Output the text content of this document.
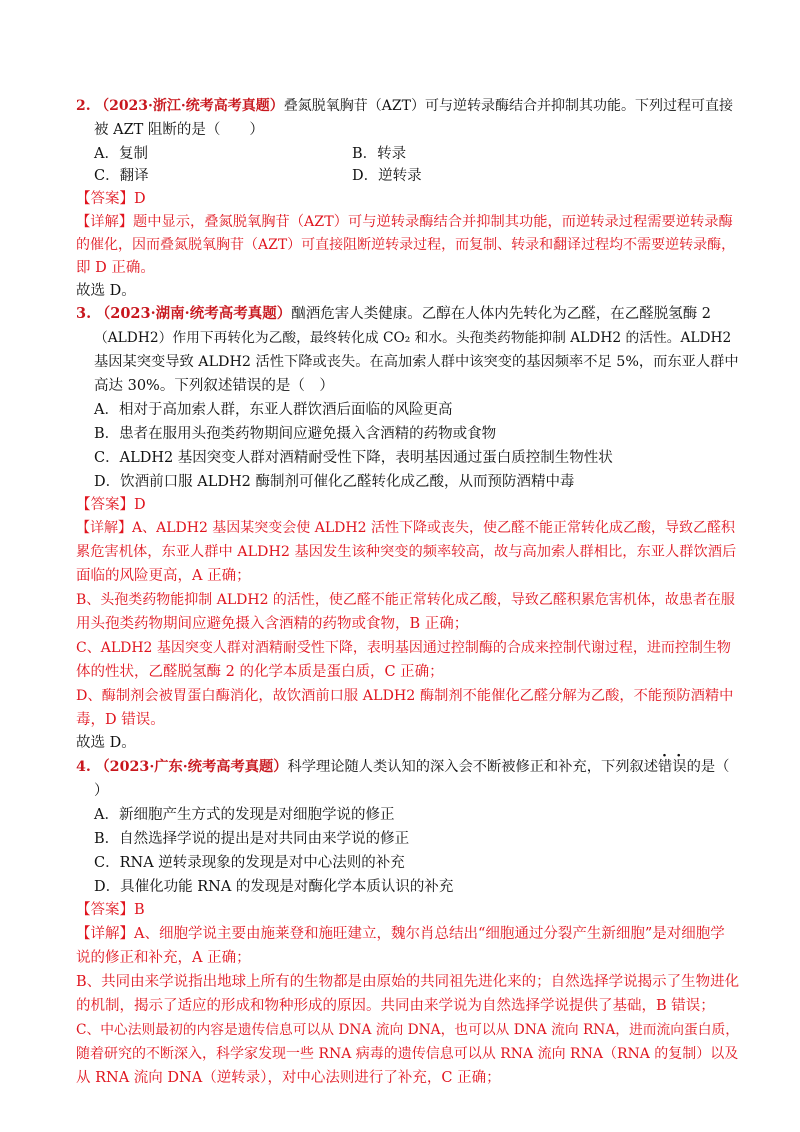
2. （2023·浙江·统考高考真题）叠氮脱氧胸苷（AZT）可与逆转录酶结合并抑制其功能。下列过程可直接
被 AZT 阻断的是（　　）
A．复制	B．转录
C．翻译	D．逆转录
【答案】D
【详解】题中显示，叠氮脱氧胸苷（AZT）可与逆转录酶结合并抑制其功能，而逆转录过程需要逆转录酶
的催化，因而叠氮脱氧胸苷（AZT）可直接阻断逆转录过程，而复制、转录和翻译过程均不需要逆转录酶，
即 D 正确。
故选 D。
3. （2023·湖南·统考高考真题）酗酒危害人类健康。乙醇在人体内先转化为乙醛，在乙醛脱氢酶 2
（ALDH2）作用下再转化为乙酸，最终转化成 CO₂ 和水。头孢类药物能抑制 ALDH2 的活性。ALDH2
基因某突变导致 ALDH2 活性下降或丧失。在高加索人群中该突变的基因频率不足 5%，而东亚人群中
高达 30%。下列叙述错误的是（　）
A．相对于高加索人群，东亚人群饮酒后面临的风险更高
B．患者在服用头孢类药物期间应避免摄入含酒精的药物或食物
C．ALDH2 基因突变人群对酒精耐受性下降，表明基因通过蛋白质控制生物性状
D．饮酒前口服 ALDH2 酶制剂可催化乙醛转化成乙酸，从而预防酒精中毒
【答案】D
【详解】A、ALDH2 基因某突变会使 ALDH2 活性下降或丧失，使乙醛不能正常转化成乙酸，导致乙醛积
累危害机体，东亚人群中 ALDH2 基因发生该种突变的频率较高，故与高加索人群相比，东亚人群饮酒后
面临的风险更高，A 正确；
B、头孢类药物能抑制 ALDH2 的活性，使乙醛不能正常转化成乙酸，导致乙醛积累危害机体，故患者在服
用头孢类药物期间应避免摄入含酒精的药物或食物，B 正确；
C、ALDH2 基因突变人群对酒精耐受性下降，表明基因通过控制酶的合成来控制代谢过程，进而控制生物
体的性状，乙醛脱氢酶 2 的化学本质是蛋白质，C 正确；
D、酶制剂会被胃蛋白酶消化，故饮酒前口服 ALDH2 酶制剂不能催化乙醛分解为乙酸，不能预防酒精中
毒，D 错误。
故选 D。
4. （2023·广东·统考高考真题）科学理论随人类认知的深入会不断被修正和补充，下列叙述错误的是（
）
A．新细胞产生方式的发现是对细胞学说的修正
B．自然选择学说的提出是对共同由来学说的修正
C．RNA 逆转录现象的发现是对中心法则的补充
D．具催化功能 RNA 的发现是对酶化学本质认识的补充
【答案】B
【详解】A、细胞学说主要由施莱登和施旺建立，魏尔肖总结出“细胞通过分裂产生新细胞”是对细胞学
说的修正和补充，A 正确；
B、共同由来学说指出地球上所有的生物都是由原始的共同祖先进化来的；自然选择学说揭示了生物进化
的机制，揭示了适应的形成和物种形成的原因。共同由来学说为自然选择学说提供了基础，B 错误；
C、中心法则最初的内容是遗传信息可以从 DNA 流向 DNA，也可以从 DNA 流向 RNA，进而流向蛋白质，
随着研究的不断深入，科学家发现一些 RNA 病毒的遗传信息可以从 RNA 流向 RNA（RNA 的复制）以及
从 RNA 流向 DNA（逆转录），对中心法则进行了补充，C 正确；
